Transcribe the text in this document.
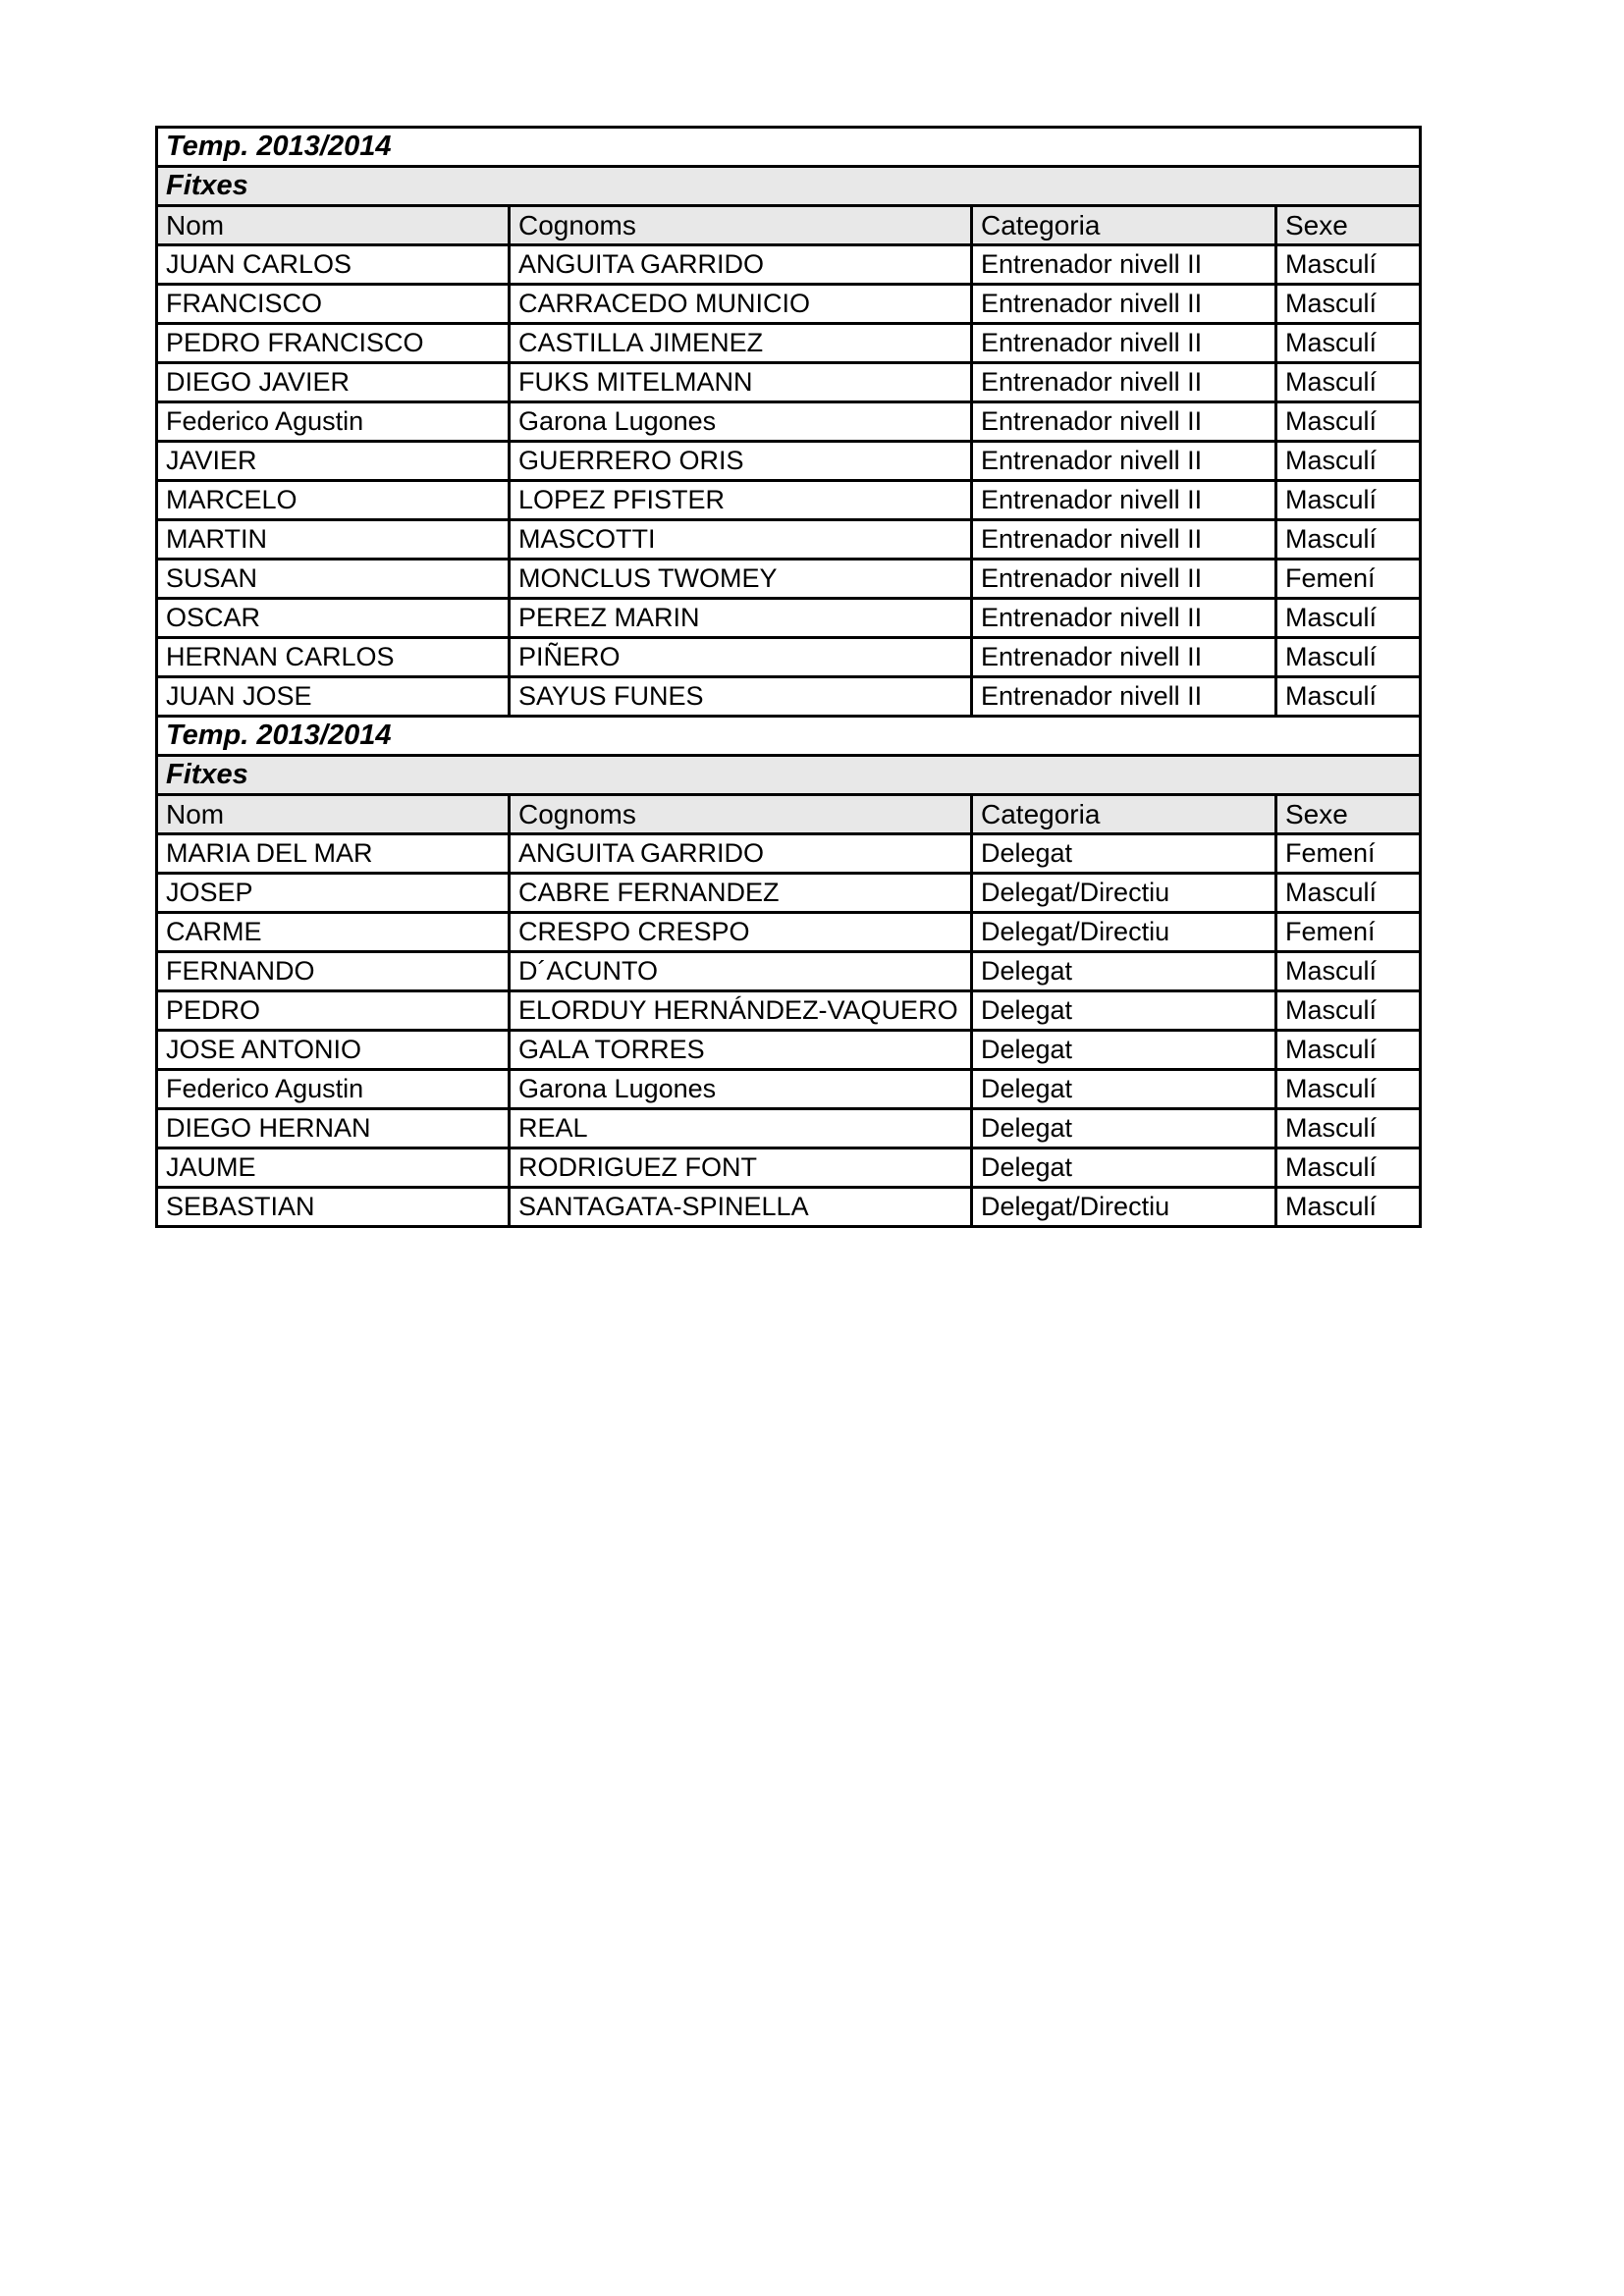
Temp. 2013/2014			
Fitxes			
Nom	Cognoms	Categoria	Sexe
JUAN CARLOS	ANGUITA GARRIDO	Entrenador nivell II	Masculí
FRANCISCO	CARRACEDO MUNICIO	Entrenador nivell II	Masculí
PEDRO FRANCISCO	CASTILLA JIMENEZ	Entrenador nivell II	Masculí
DIEGO JAVIER	FUKS MITELMANN	Entrenador nivell II	Masculí
Federico Agustin	Garona Lugones	Entrenador nivell II	Masculí
JAVIER	GUERRERO ORIS	Entrenador nivell II	Masculí
MARCELO	LOPEZ PFISTER	Entrenador nivell II	Masculí
MARTIN	MASCOTTI	Entrenador nivell II	Masculí
SUSAN	MONCLUS TWOMEY	Entrenador nivell II	Femení
OSCAR	PEREZ MARIN	Entrenador nivell II	Masculí
HERNAN CARLOS	PIÑERO	Entrenador nivell II	Masculí
JUAN JOSE	SAYUS FUNES	Entrenador nivell II	Masculí
Temp. 2013/2014			
Fitxes			
Nom	Cognoms	Categoria	Sexe
MARIA DEL MAR	ANGUITA GARRIDO	Delegat	Femení
JOSEP	CABRE FERNANDEZ	Delegat/Directiu	Masculí
CARME	CRESPO CRESPO	Delegat/Directiu	Femení
FERNANDO	D´ACUNTO	Delegat	Masculí
PEDRO	ELORDUY HERNÁNDEZ-VAQUERO	Delegat	Masculí
JOSE ANTONIO	GALA TORRES	Delegat	Masculí
Federico Agustin	Garona Lugones	Delegat	Masculí
DIEGO HERNAN	REAL	Delegat	Masculí
JAUME	RODRIGUEZ FONT	Delegat	Masculí
SEBASTIAN	SANTAGATA-SPINELLA	Delegat/Directiu	Masculí
